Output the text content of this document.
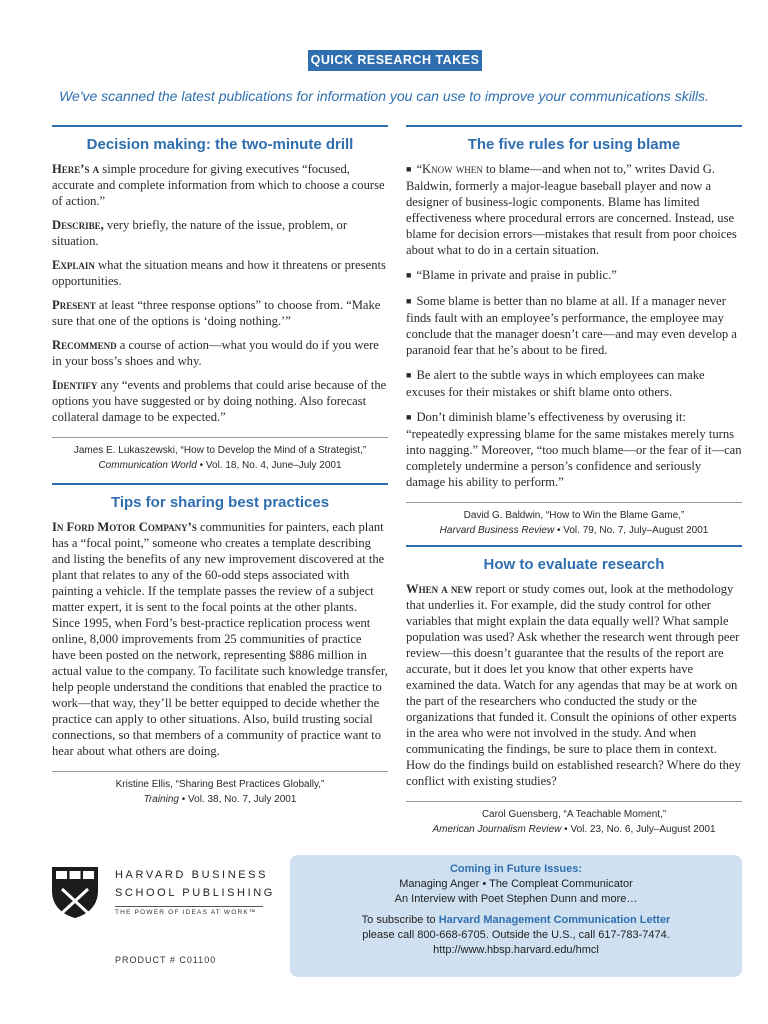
QUICK RESEARCH TAKES
We've scanned the latest publications for information you can use to improve your communications skills.
Decision making: the two-minute drill

Here’s a simple procedure for giving executives “focused, accurate and complete information from which to choose a course of action.”

Describe, very briefly, the nature of the issue, problem, or situation.

Explain what the situation means and how it threatens or presents opportunities.

Present at least “three response options” to choose from. “Make sure that one of the options is ‘doing nothing.’”

Recommend a course of action—what you would do if you were in your boss’s shoes and why.

Identify any “events and problems that could arise because of the options you have suggested or by doing nothing. Also forecast collateral damage to be expected.”

James E. Lukaszewski, “How to Develop the Mind of a Strategist,”
Communication World • Vol. 18, No. 4, June–July 2001
Tips for sharing best practices

In Ford Motor Company’s communities for painters, each plant has a “focal point,” someone who creates a template describing and listing the benefits of any new improvement discovered at the plant that relates to any of the 60-odd steps associated with painting a vehicle. If the template passes the review of a subject matter expert, it is sent to the focal points at the other plants. Since 1995, when Ford’s best-practice replication process went online, 8,000 improvements from 25 communities of practice have been posted on the network, representing $886 million in actual value to the company. To facilitate such knowledge transfer, help people understand the conditions that enabled the practice to work—that way, they’ll be better equipped to decide whether the practice can apply to other situations. Also, build trusting social connections, so that members of a community of practice want to hear about what others are doing.

Kristine Ellis, “Sharing Best Practices Globally,”
Training • Vol. 38, No. 7, July 2001
The five rules for using blame

■ “Know when to blame—and when not to,” writes David G. Baldwin, formerly a major-league baseball player and now a designer of business-logic components. Blame has limited effectiveness where procedural errors are concerned. Instead, use blame for decision errors—mistakes that result from poor choices about what to do in a certain situation.

■ “Blame in private and praise in public.”

■ Some blame is better than no blame at all. If a manager never finds fault with an employee’s performance, the employee may conclude that the manager doesn’t care—and may even develop a paranoid fear that he’s about to be fired.

■ Be alert to the subtle ways in which employees can make excuses for their mistakes or shift blame onto others.

■ Don’t diminish blame’s effectiveness by overusing it: “repeatedly expressing blame for the same mistakes merely turns into nagging.” Moreover, “too much blame—or the fear of it—can completely undermine a person’s confidence and seriously damage his ability to perform.”

David G. Baldwin, “How to Win the Blame Game,”
Harvard Business Review • Vol. 79, No. 7, July–August 2001
How to evaluate research

When a new report or study comes out, look at the methodology that underlies it. For example, did the study control for other variables that might explain the data equally well? What sample population was used? Ask whether the research went through peer review—this doesn’t guarantee that the results of the report are accurate, but it does let you know that other experts have examined the data. Watch for any agendas that may be at work on the part of the researchers who conducted the study or the organizations that funded it. Consult the opinions of other experts in the area who were not involved in the study. And when communicating the findings, be sure to place them in context. How do the findings build on established research? Where do they conflict with existing studies?

Carol Guensberg, “A Teachable Moment,”
American Journalism Review • Vol. 23, No. 6, July–August 2001
HARVARD BUSINESS
SCHOOL PUBLISHING
THE POWER OF IDEAS AT WORK™
PRODUCT # C01100
Coming in Future Issues:
Managing Anger • The Compleat Communicator
An Interview with Poet Stephen Dunn and more…
To subscribe to Harvard Management Communication Letter
please call 800-668-6705. Outside the U.S., call 617-783-7474.
http://www.hbsp.harvard.edu/hmcl
